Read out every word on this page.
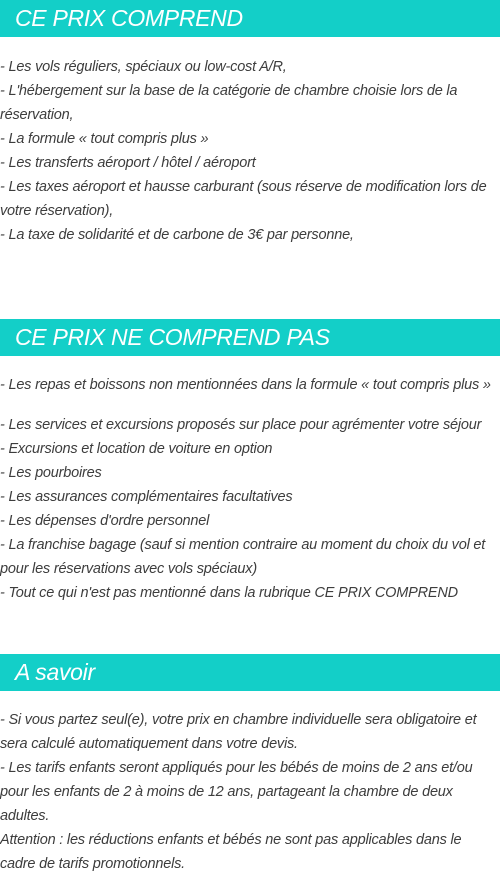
CE PRIX COMPREND
- Les vols réguliers, spéciaux ou low-cost A/R,
- L'hébergement sur la base de la catégorie de chambre choisie lors de la réservation,
- La formule « tout compris plus »
- Les transferts aéroport / hôtel / aéroport
- Les taxes aéroport et hausse carburant (sous réserve de modification lors de votre réservation),
- La taxe de solidarité et de carbone de 3€ par personne,
CE PRIX NE COMPREND PAS
- Les repas et boissons non mentionnées dans la formule « tout compris plus »
- Les services et excursions proposés sur place pour agrémenter votre séjour
- Excursions et location de voiture en option
- Les pourboires
- Les assurances complémentaires facultatives
- Les dépenses d'ordre personnel
- La franchise bagage (sauf si mention contraire au moment du choix du vol et pour les réservations avec vols spéciaux)
- Tout ce qui n'est pas mentionné dans la rubrique CE PRIX COMPREND
A savoir
- Si vous partez seul(e), votre prix en chambre individuelle sera obligatoire et sera calculé automatiquement dans votre devis.
- Les tarifs enfants seront appliqués pour les bébés de moins de 2 ans et/ou pour les enfants de 2 à moins de 12 ans, partageant la chambre de deux adultes.
Attention : les réductions enfants et bébés ne sont pas applicables dans le cadre de tarifs promotionnels.
